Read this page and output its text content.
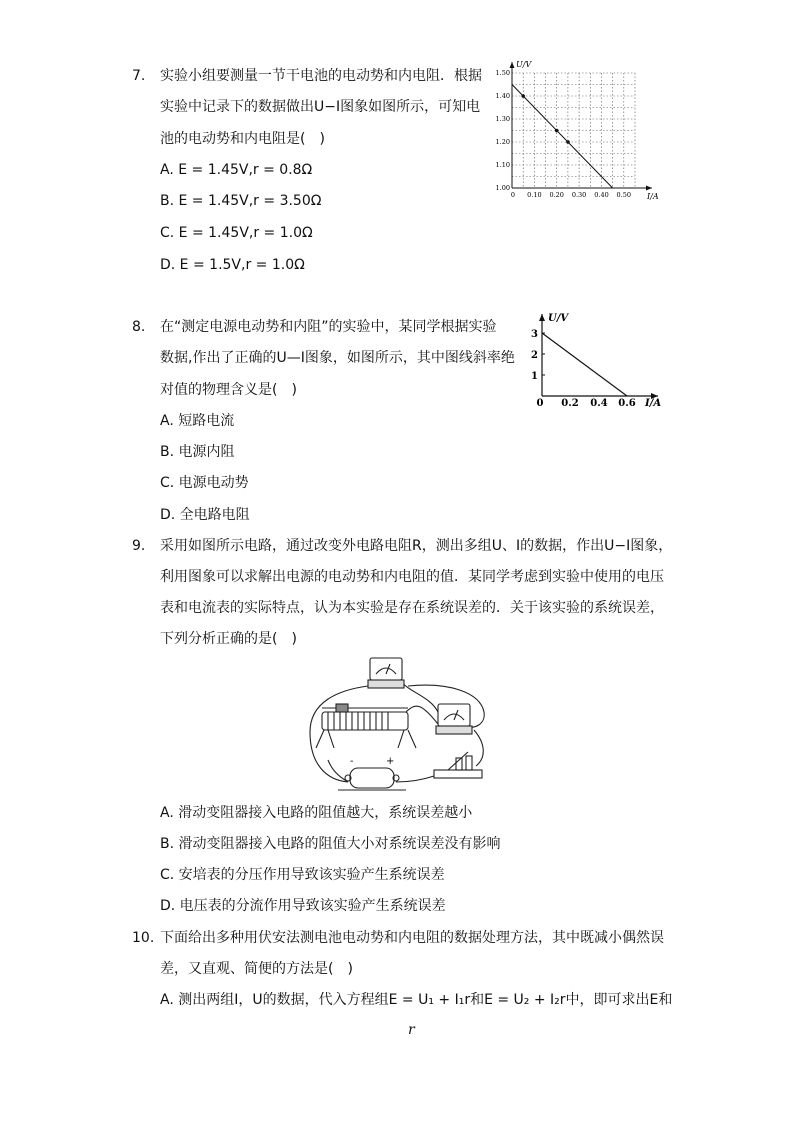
7. 实验小组要测量一节干电池的电动势和内电阻．根据
实验中记录下的数据做出U−I图象如图所示，可知电
池的电动势和内电阻是(　)
A. E = 1.45V,r = 0.8Ω
B. E = 1.45V,r = 3.50Ω
C. E = 1.45V,r = 1.0Ω
D. E = 1.5V,r = 1.0Ω
U/V
I/A
1.50
1.40
1.30
1.20
1.10
1.00
0 0.10 0.20 0.30 0.40 0.50
8. 在“测定电源电动势和内阻”的实验中，某同学根据实验
数据,作出了正确的U—I图象，如图所示，其中图线斜率绝
对值的物理含义是(　)
A. 短路电流
B. 电源内阻
C. 电源电动势
D. 全电路电阻
U/V
I/A
3
2
1
0 0.2 0.4 0.6
9. 采用如图所示电路，通过改变外电路电阻R，测出多组U、I的数据，作出U−I图象，
利用图象可以求解出电源的电动势和内电阻的值．某同学考虑到实验中使用的电压
表和电流表的实际特点，认为本实验是存在系统误差的．关于该实验的系统误差，
下列分析正确的是(　)
-	+
A. 滑动变阻器接入电路的阻值越大，系统误差越小
B. 滑动变阻器接入电路的阻值大小对系统误差没有影响
C. 安培表的分压作用导致该实验产生系统误差
D. 电压表的分流作用导致该实验产生系统误差
10. 下面给出多种用伏安法测电池电动势和内电阻的数据处理方法，其中既减小偶然误
差，又直观、简便的方法是(　)
A. 测出两组I，U的数据，代入方程组E = U₁ + I₁r和E = U₂ + I₂r中，即可求出E和
r
